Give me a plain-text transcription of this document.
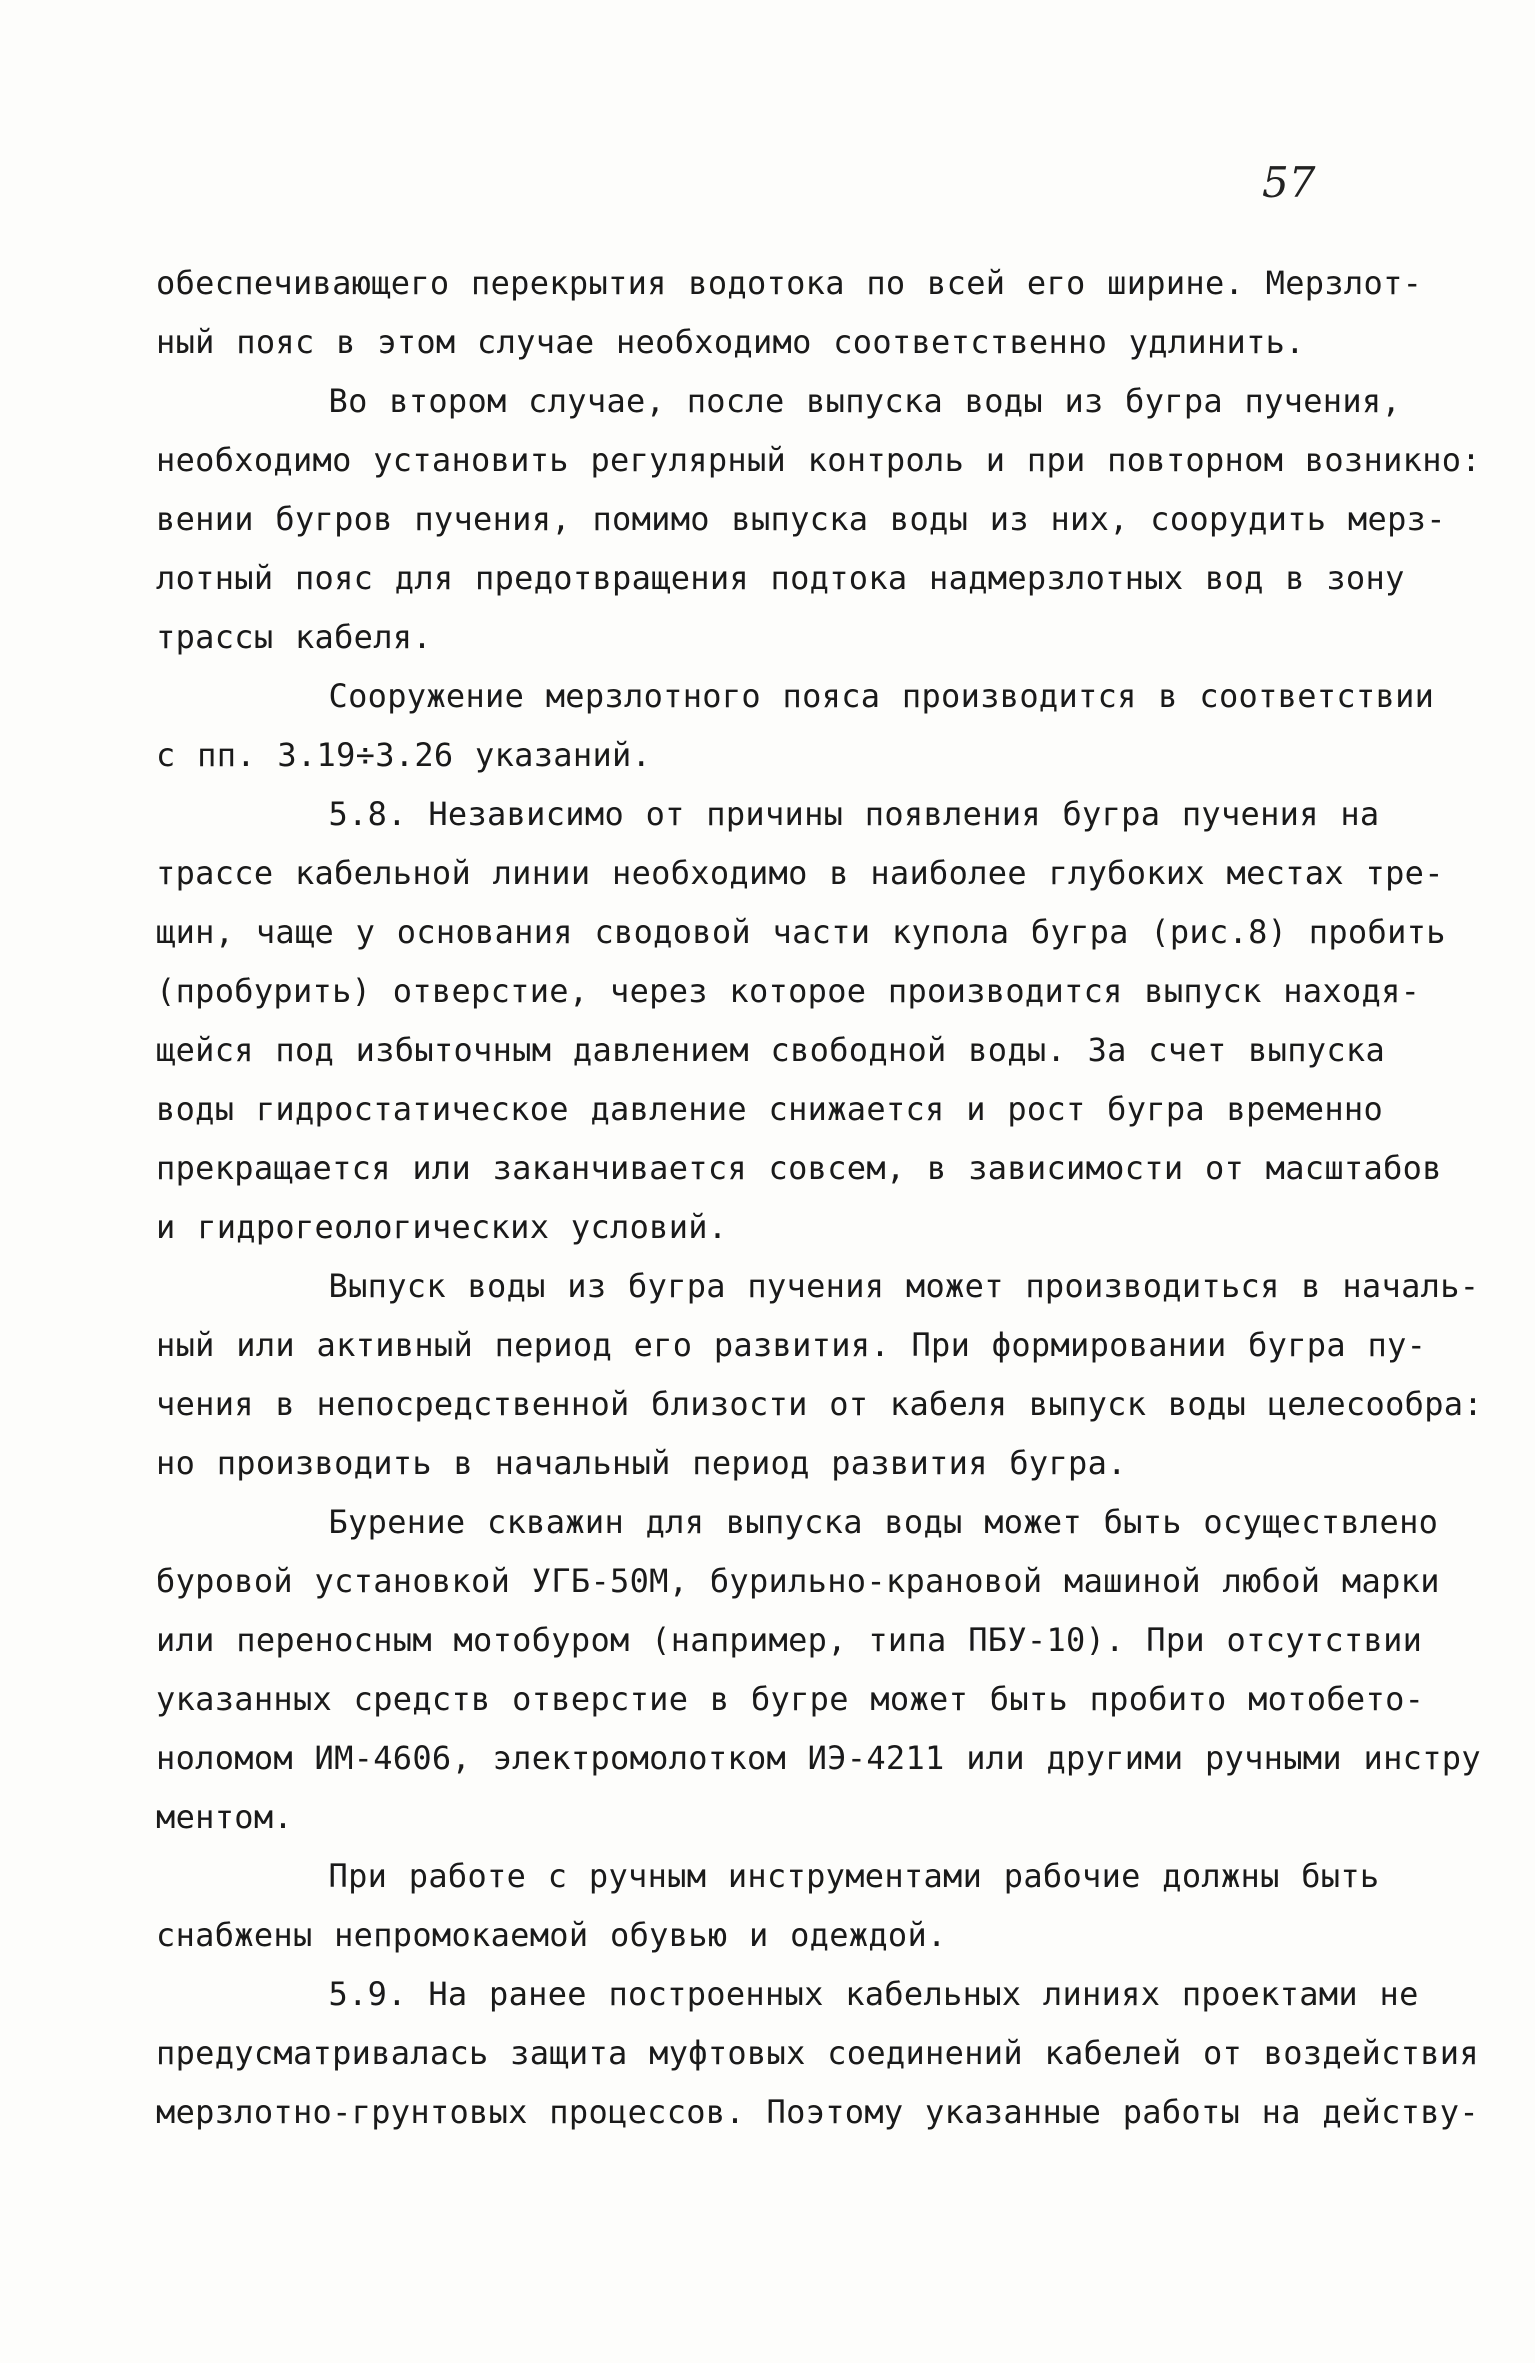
57
обеспечивающего перекрытия водотока по всей его ширине. Мерзлот-
ный пояс в этом случае необходимо соответственно удлинить.
Во втором случае, после выпуска воды из бугра пучения,
необходимо установить регулярный контроль и при повторном возникно:
вении бугров пучения, помимо выпуска воды из них, соорудить мерз-
лотный пояс для предотвращения подтока надмерзлотных вод в зону
трассы кабеля.
Сооружение мерзлотного пояса производится в соответствии
с пп. 3.19÷3.26 указаний.
5.8. Независимо от причины появления бугра пучения на
трассе кабельной линии необходимо в наиболее глубоких местах тре-
щин, чаще у основания сводовой части купола бугра (рис.8) пробить
(пробурить) отверстие, через которое производится выпуск находя-
щейся под избыточным давлением свободной воды. За счет выпуска
воды гидростатическое давление снижается и рост бугра временно
прекращается или заканчивается совсем, в зависимости от масштабов
и гидрогеологических условий.
Выпуск воды из бугра пучения может производиться в началь-
ный или активный период его развития. При формировании бугра пу-
чения в непосредственной близости от кабеля выпуск воды целесообра:
но производить в начальный период развития бугра.
Бурение скважин для выпуска воды может быть осуществлено
буровой установкой УГБ-50М, бурильно-крановой машиной любой марки
или переносным мотобуром (например, типа ПБУ-10). При отсутствии
указанных средств отверстие в бугре может быть пробито мотобето-
ноломом ИМ-4606, электромолотком ИЭ-4211 или другими ручными инстру
ментом.
При работе с ручным инструментами рабочие должны быть
снабжены непромокаемой обувью и одеждой.
5.9. На ранее построенных кабельных линиях проектами не
предусматривалась защита муфтовых соединений кабелей от воздействия
мерзлотно-грунтовых процессов. Поэтому указанные работы на действу-
